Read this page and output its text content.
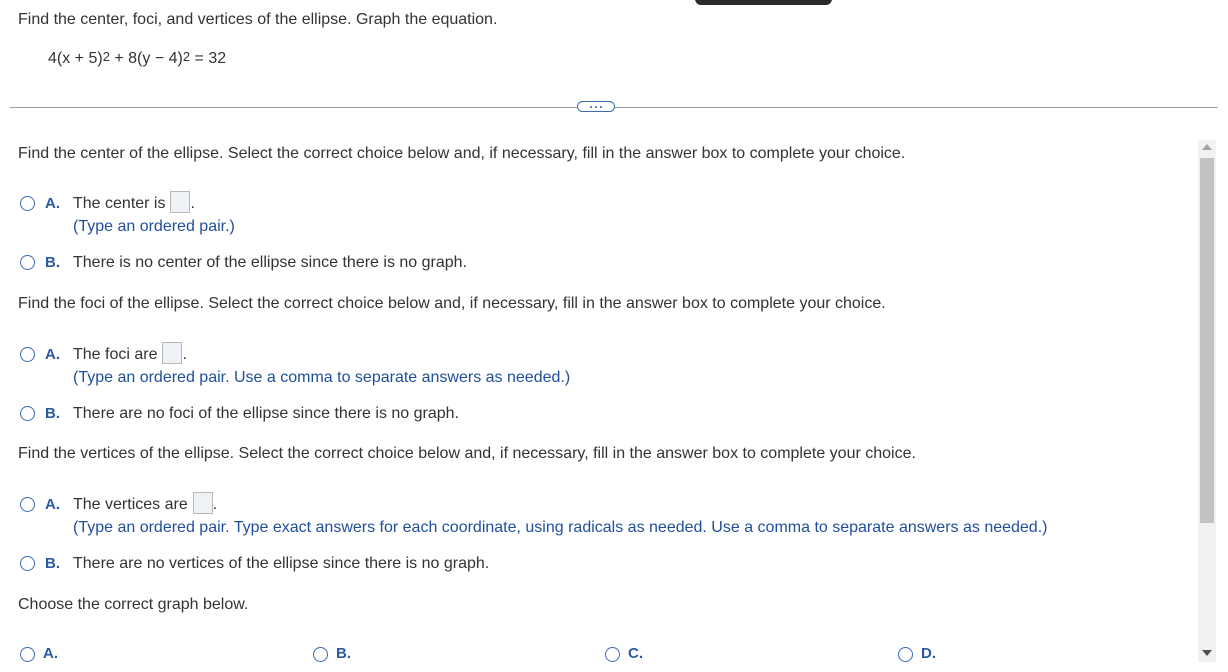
Find the center, foci, and vertices of the ellipse. Graph the equation.
$4(x + 5)^2 + 8(y - 4)^2 = 32$
Find the center of the ellipse. Select the correct choice below and, if necessary, fill in the answer box to complete your choice.
A. The center is .
(Type an ordered pair.)
B. There is no center of the ellipse since there is no graph.
Find the foci of the ellipse. Select the correct choice below and, if necessary, fill in the answer box to complete your choice.
A. The foci are .
(Type an ordered pair. Use a comma to separate answers as needed.)
B. There are no foci of the ellipse since there is no graph.
Find the vertices of the ellipse. Select the correct choice below and, if necessary, fill in the answer box to complete your choice.
A. The vertices are .
(Type an ordered pair. Type exact answers for each coordinate, using radicals as needed. Use a comma to separate answers as needed.)
B. There are no vertices of the ellipse since there is no graph.
Choose the correct graph below.
A.	B.	C.	D.
